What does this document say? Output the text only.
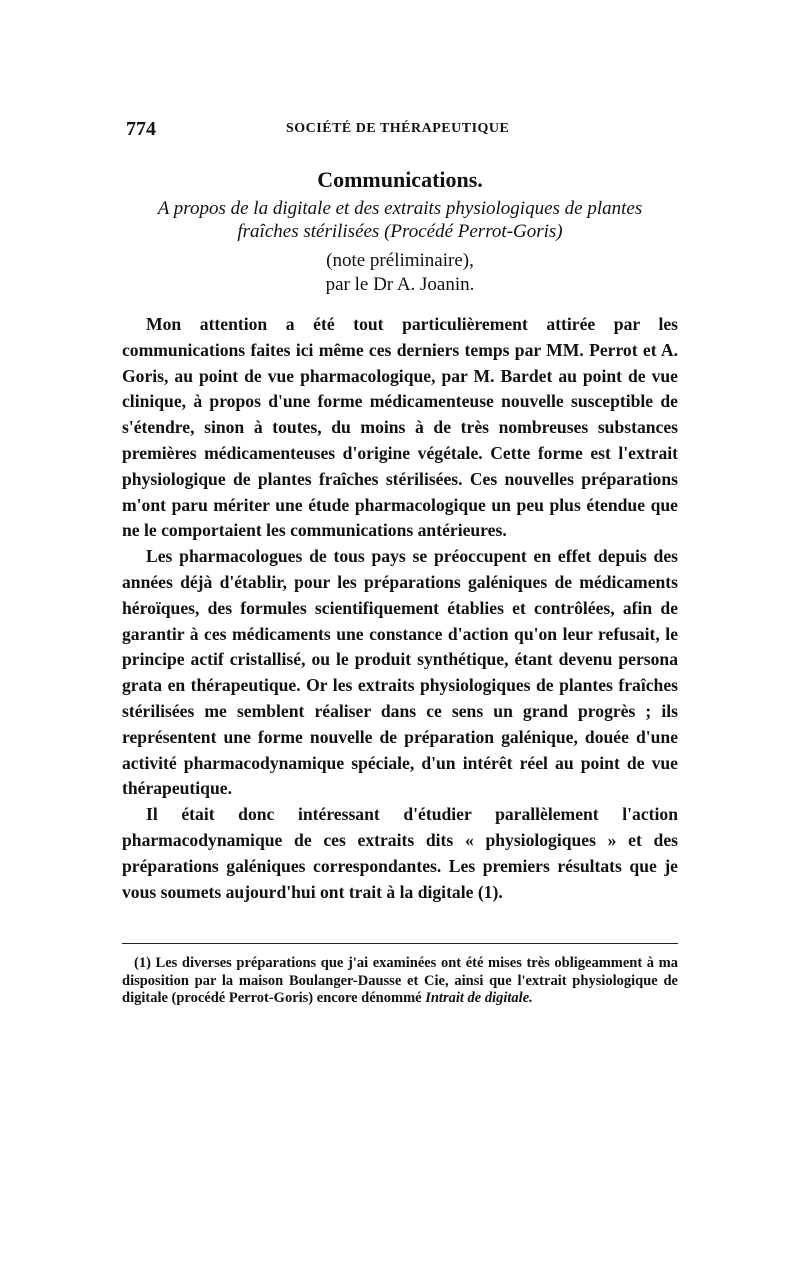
774	SOCIÉTÉ DE THÉRAPEUTIQUE
Communications.
A propos de la digitale et des extraits physiologiques de plantes
fraîches stérilisées (Procédé Perrot-Goris)
(note préliminaire),
par le Dr A. Joanin.

Mon attention a été tout particulièrement attirée par les communications faites ici même ces derniers temps par MM. Perrot et A. Goris, au point de vue pharmacologique, par M. Bardet au point de vue clinique, à propos d'une forme médicamenteuse nouvelle susceptible de s'étendre, sinon à toutes, du moins à de très nombreuses substances premières médicamenteuses d'origine végétale. Cette forme est l'extrait physiologique de plantes fraîches stérilisées. Ces nouvelles préparations m'ont paru mériter une étude pharmacologique un peu plus étendue que ne le comportaient les communications antérieures.

Les pharmacologues de tous pays se préoccupent en effet depuis des années déjà d'établir, pour les préparations galéniques de médicaments héroïques, des formules scientifiquement établies et contrôlées, afin de garantir à ces médicaments une constance d'action qu'on leur refusait, le principe actif cristallisé, ou le produit synthétique, étant devenu persona grata en thérapeutique. Or les extraits physiologiques de plantes fraîches stérilisées me semblent réaliser dans ce sens un grand progrès ; ils représentent une forme nouvelle de préparation galénique, douée d'une activité pharmacodynamique spéciale, d'un intérêt réel au point de vue thérapeutique.

Il était donc intéressant d'étudier parallèlement l'action pharmacodynamique de ces extraits dits « physiologiques » et des préparations galéniques correspondantes. Les premiers résultats que je vous soumets aujourd'hui ont trait à la digitale (1).

(1) Les diverses préparations que j'ai examinées ont été mises très obligeamment à ma disposition par la maison Boulanger-Dausse et Cie, ainsi que l'extrait physiologique de digitale (procédé Perrot-Goris) encore dénommé Intrait de digitale.
